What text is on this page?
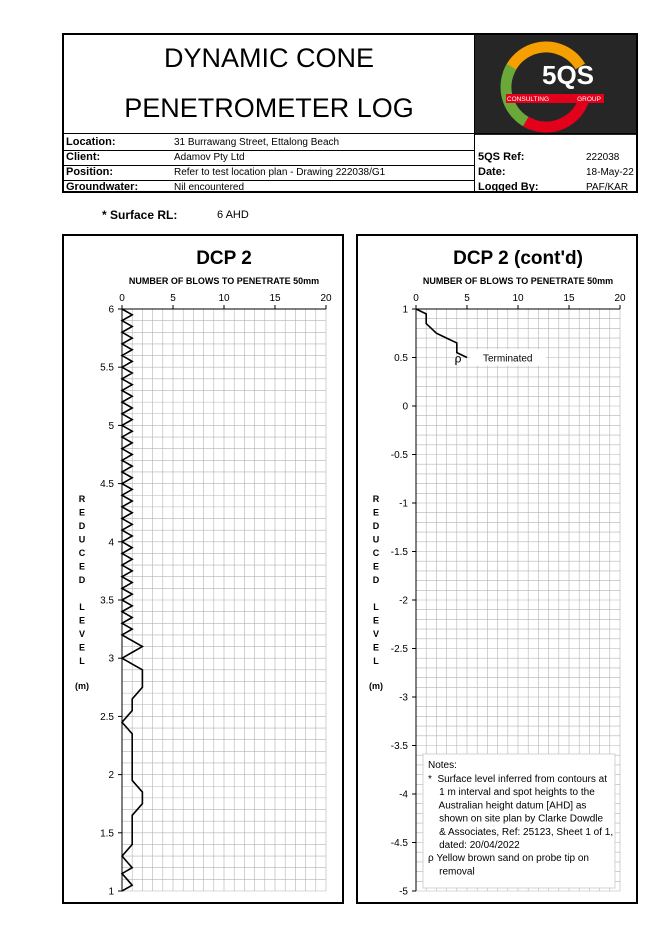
DYNAMIC CONE
PENETROMETER LOG
5QS
CONSULTING	GROUP
Location:	31 Burrawang Street, Ettalong Beach
Client:	Adamov Pty Ltd
Position:	Refer to test location plan - Drawing 222038/G1
Groundwater:	Nil encountered
5QS Ref:	222038
Date:	18-May-22
Logged By:	PAF/KAR
* Surface RL:	6 AHD
DCP 2
NUMBER OF BLOWS TO PENETRATE 50mm
0	5	10	15	20
6
5.5
5
4.5
4
3.5
3
2.5
2
1.5
1
R
E
D
U
C
E
D
L
E
V
E
L
(m)
DCP 2 (cont'd)
NUMBER OF BLOWS TO PENETRATE 50mm
0	5	10	15	20
1
0.5
0
-0.5
-1
-1.5
-2
-2.5
-3
-3.5
-4
-4.5
-5
R
E
D
U
C
E
D
L
E
V
E
L
(m)
ρ Terminated
Notes:
*  Surface level inferred from contours at
1 m interval and spot heights to the
Australian height datum [AHD] as
shown on site plan by Clarke Dowdle
& Associates, Ref: 25123, Sheet 1 of 1,
dated: 20/04/2022
ρ Yellow brown sand on probe tip on
removal
